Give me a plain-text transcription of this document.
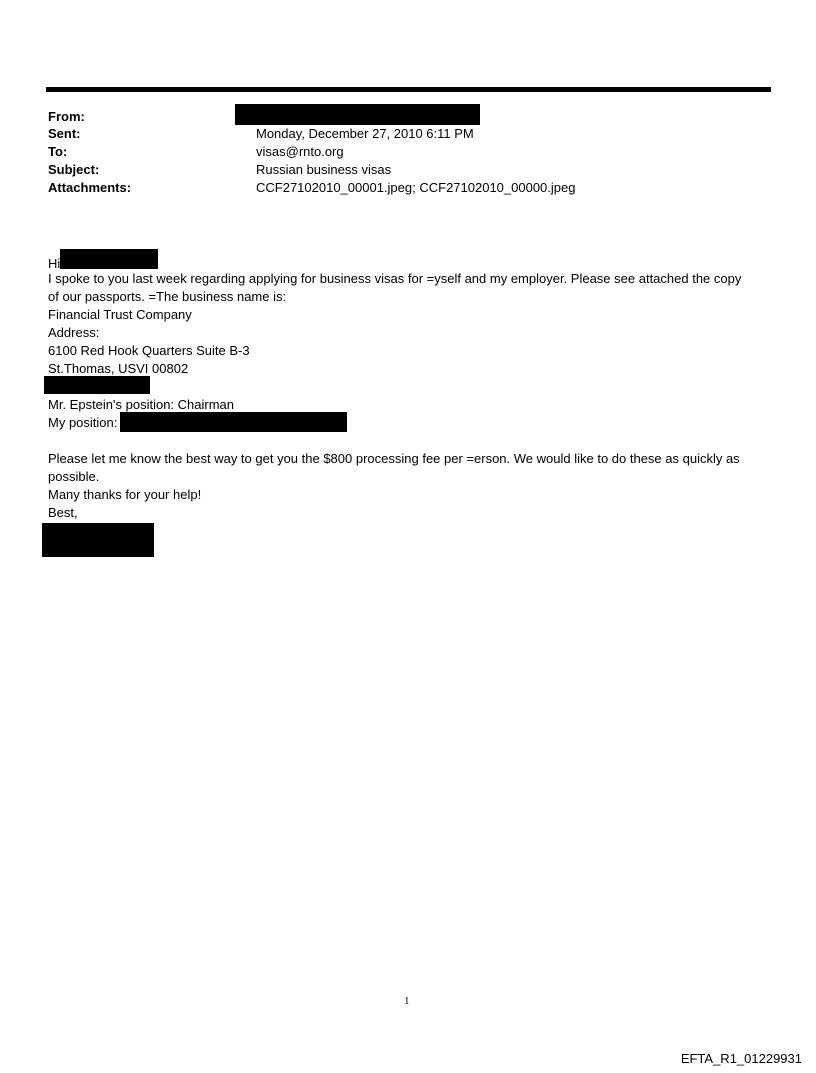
From:
Sent:
To:
Subject:
Attachments:
Monday, December 27, 2010 6:11 PM
visas@rnto.org
Russian business visas
CCF27102010_00001.jpeg; CCF27102010_00000.jpeg
Hi
I spoke to you last week regarding applying for business visas for =yself and my employer. Please see attached the copy
of our passports. =The business name is:
Financial Trust Company
Address:
6100 Red Hook Quarters Suite B-3
St.Thomas, USVI 00802
Mr. Epstein's position: Chairman
My position:
Please let me know the best way to get you the $800 processing fee per =erson. We would like to do these as quickly as
possible.
Many thanks for your help!
Best,
1
EFTA_R1_01229931
